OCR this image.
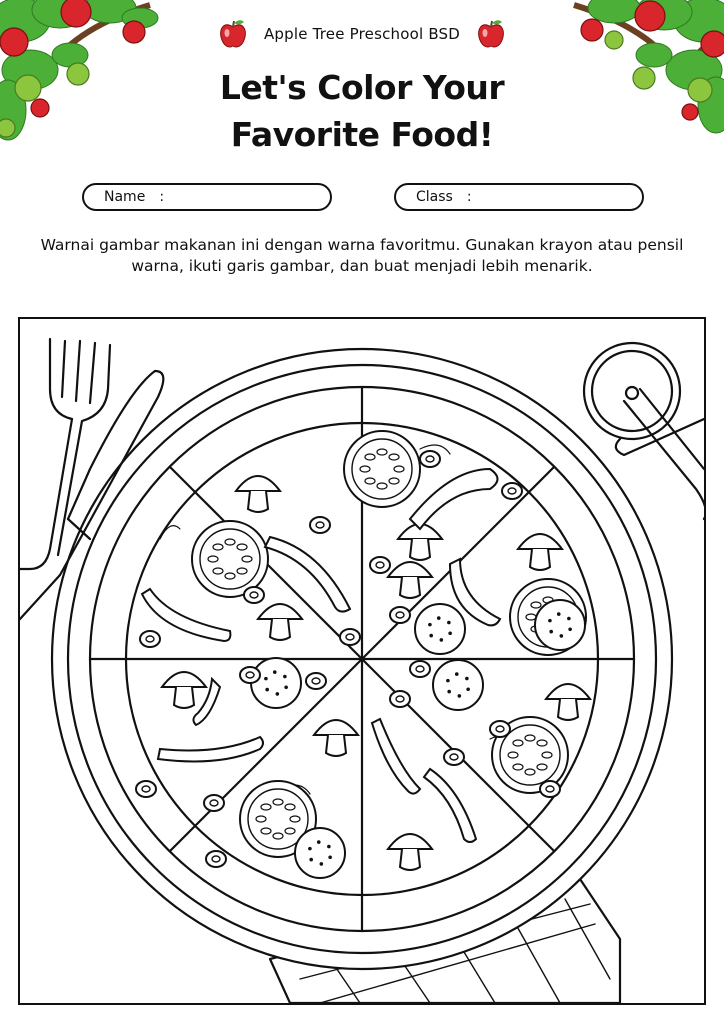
Apple Tree Preschool BSD
Let's Color Your
Favorite Food!
Name :	Class :
Warnai gambar makanan ini dengan warna favoritmu. Gunakan krayon atau pensil warna, ikuti garis gambar, dan buat menjadi lebih menarik.
